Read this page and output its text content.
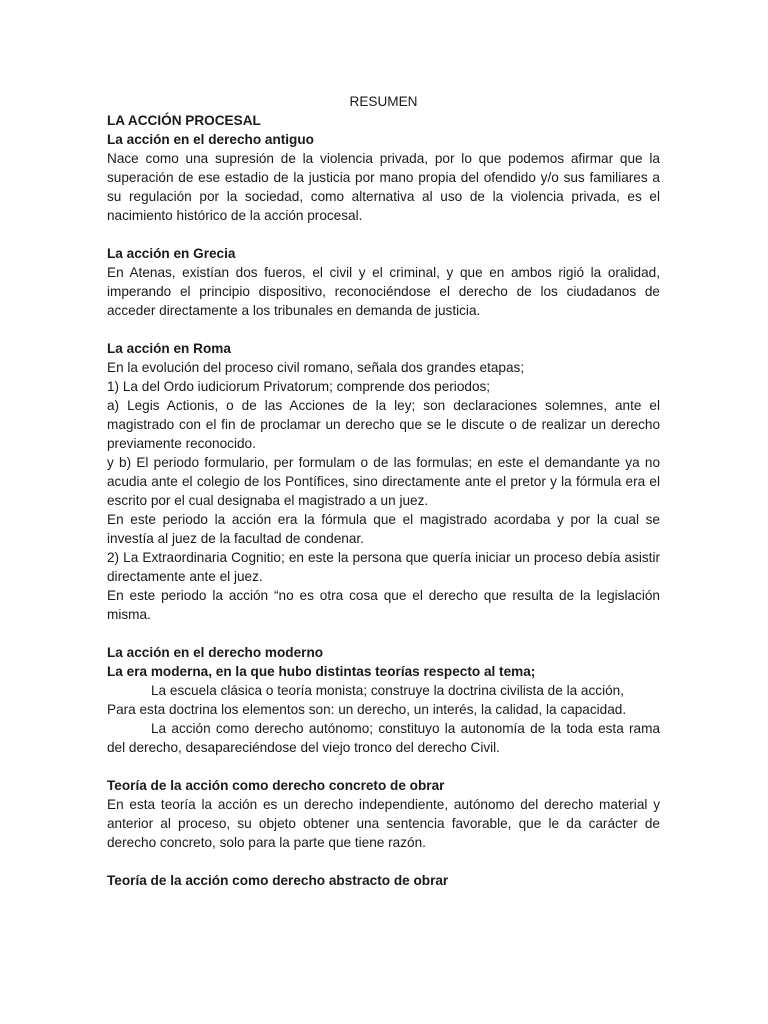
RESUMEN

LA ACCIÓN PROCESAL

La acción en el derecho antiguo

Nace como una supresión de la violencia privada, por lo que podemos afirmar que la superación de ese estadio de la justicia por mano propia del ofendido y/o sus familiares a su regulación por la sociedad, como alternativa al uso de la violencia privada, es el nacimiento histórico de la acción procesal.

La acción en Grecia

En Atenas, existían dos fueros, el civil y el criminal, y que en ambos rigió la oralidad, imperando el principio dispositivo, reconociéndose el derecho de los ciudadanos de acceder directamente a los tribunales en demanda de justicia.

La acción en Roma

En la evolución del proceso civil romano, señala dos grandes etapas;

1) La del Ordo iudiciorum Privatorum; comprende dos periodos;

a) Legis Actionis, o de las Acciones de la ley; son declaraciones solemnes, ante el magistrado con el fin de proclamar un derecho que se le discute o de realizar un derecho previamente reconocido.

y b) El periodo formulario, per formulam o de las formulas; en este el demandante ya no acudia ante el colegio de los Pontífices, sino directamente ante el pretor y la fórmula era el escrito por el cual designaba el magistrado a un juez.

En este periodo la acción era la fórmula que el magistrado acordaba y por la cual se investía al juez de la facultad de condenar.

2) La Extraordinaria Cognitio; en este la persona que quería iniciar un proceso debía asistir directamente ante el juez.

En este periodo la acción “no es otra cosa que el derecho que resulta de la legislación misma.

La acción en el derecho moderno

La era moderna, en la que hubo distintas teorías respecto al tema;

La escuela clásica o teoría monista; construye la doctrina civilista de la acción,

Para esta doctrina los elementos son: un derecho, un interés, la calidad, la capacidad.

La acción como derecho autónomo; constituyo la autonomía de la toda esta rama del derecho, desapareciéndose del viejo tronco del derecho Civil.

Teoría de la acción como derecho concreto de obrar

En esta teoría la acción es un derecho independiente, autónomo del derecho material y anterior al proceso, su objeto obtener una sentencia favorable, que le da carácter de derecho concreto, solo para la parte que tiene razón.

Teoría de la acción como derecho abstracto de obrar
